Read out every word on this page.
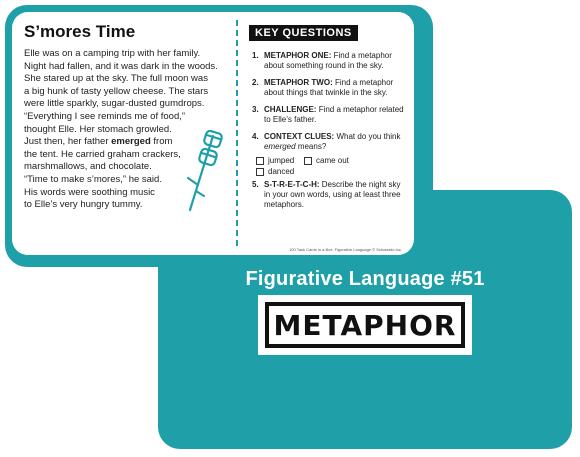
Figurative Language #51
METAPHOR
S’mores Time

Elle was on a camping trip with her family.

Night had fallen, and it was dark in the woods.

She stared up at the sky. The full moon was

a big hunk of tasty yellow cheese. The stars

were little sparkly, sugar-dusted gumdrops.

“Everything I see reminds me of food,”

thought Elle. Her stomach growled.

Just then, her father emerged from

the tent. He carried graham crackers,

marshmallows, and chocolate.

“Time to make s’mores,” he said.

His words were soothing music

to Elle’s very hungry tummy.

KEY QUESTIONS
1. METAPHOR ONE: Find a metaphor about something round in the sky.
2. METAPHOR TWO: Find a metaphor about things that twinkle in the sky.
3. CHALLENGE: Find a metaphor related to Elle’s father.
4. CONTEXT CLUES: What do you think emerged means?
jumped	came out
danced
5. S-T-R-E-T-C-H: Describe the night sky in your own words, using at least three metaphors.
100 Task Cards in a Box: Figurative Language © Scholastic Inc.
